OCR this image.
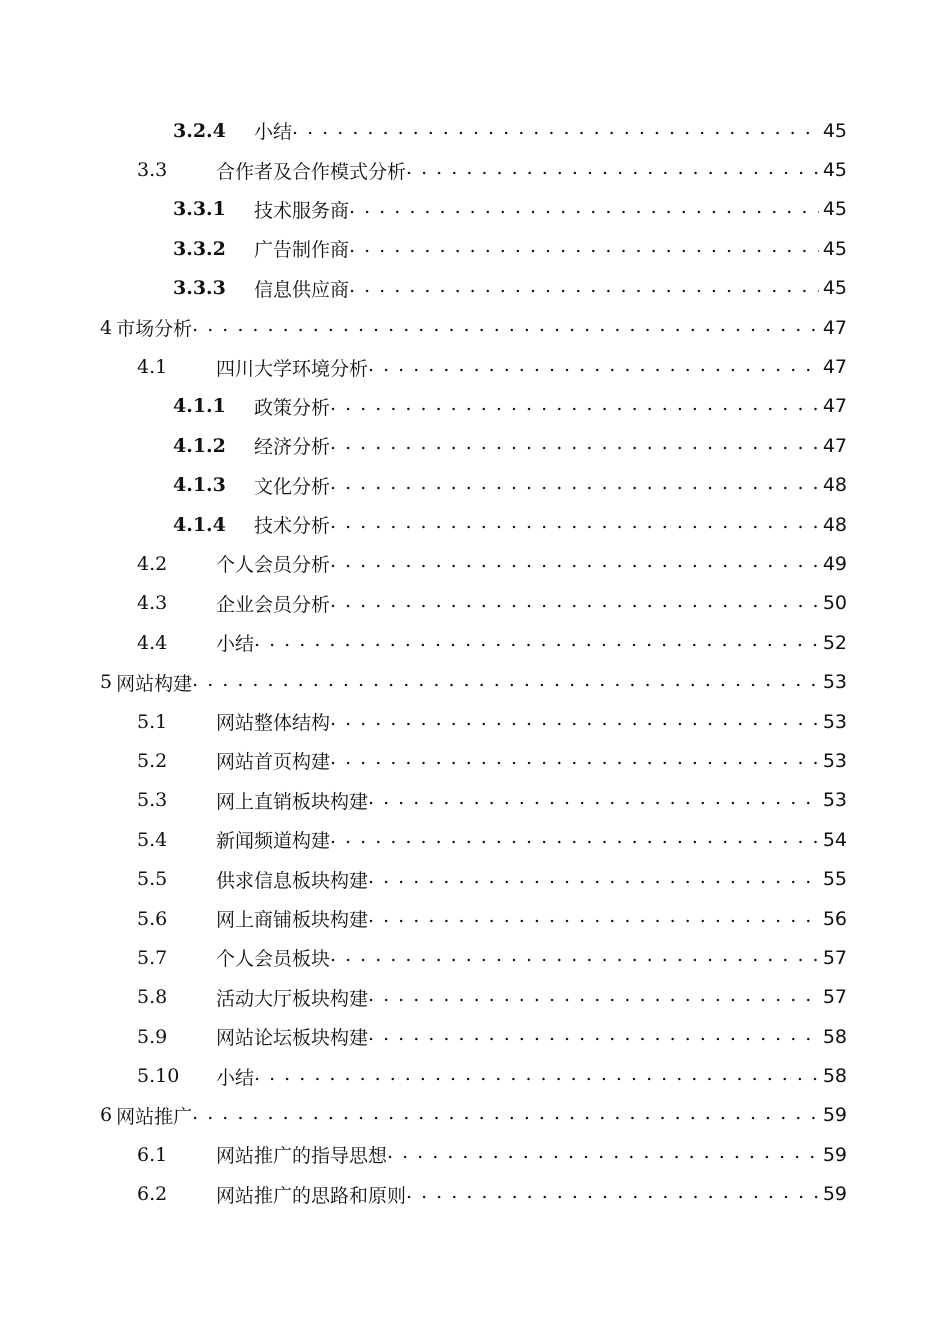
3.2.4	小结 . . .	45
3.3	合作者及合作模式分析 . . .	45
3.3.1	技术服务商 . . .	45
3.3.2	广告制作商 . . .	45
3.3.3	信息供应商 . . .	45
4 市场分析 . . .	47
4.1	四川大学环境分析 . . .	47
4.1.1	政策分析 . . .	47
4.1.2	经济分析 . . .	47
4.1.3	文化分析 . . .	48
4.1.4	技术分析 . . .	48
4.2	个人会员分析 . . .	49
4.3	企业会员分析 . . .	50
4.4	小结 . . .	52
5 网站构建 . . .	53
5.1	网站整体结构 . . .	53
5.2	网站首页构建 . . .	53
5.3	网上直销板块构建 . . .	53
5.4	新闻频道构建 . . .	54
5.5	供求信息板块构建 . . .	55
5.6	网上商铺板块构建 . . .	56
5.7	个人会员板块 . . .	57
5.8	活动大厅板块构建 . . .	57
5.9	网站论坛板块构建 . . .	58
5.10	小结 . . .	58
6 网站推广 . . .	59
6.1	网站推广的指导思想 . . .	59
6.2	网站推广的思路和原则 . . .	59
